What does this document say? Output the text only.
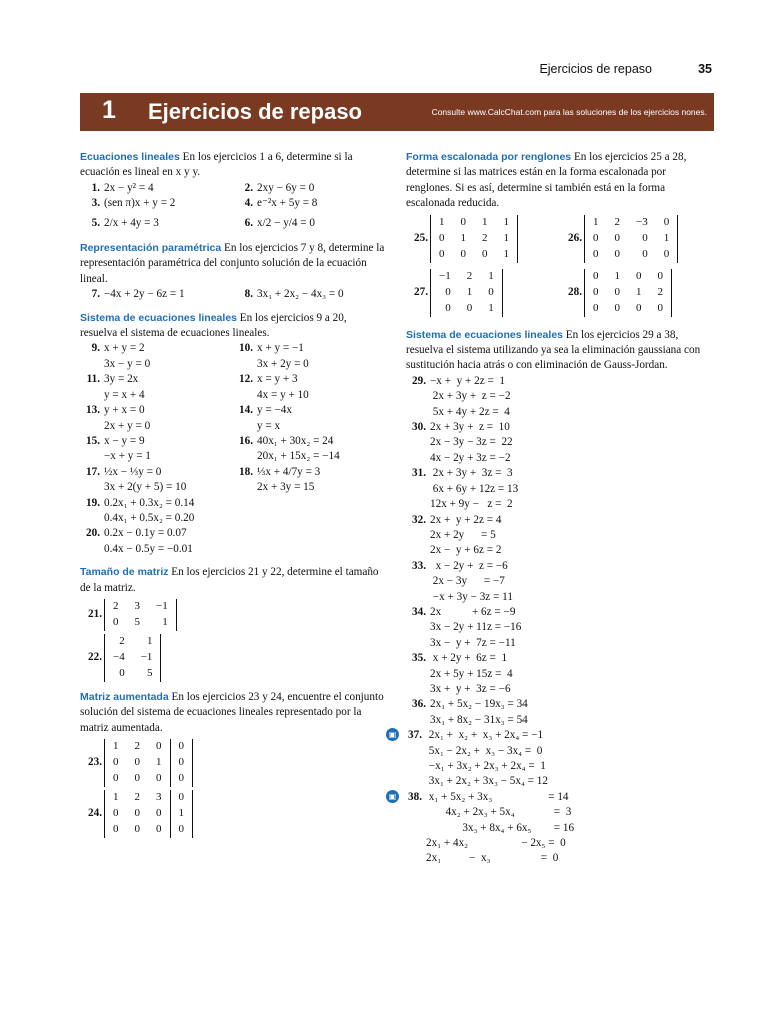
Ejercicios de repaso	35
1 Ejercicios de repaso	Consulte www.CalcChat.com para las soluciones de los ejercicios nones.
Ecuaciones lineales En los ejercicios 1 a 6, determine si la ecuación es lineal en x y y.
1. 2x − y² = 4	2. 2xy − 6y = 0
3. (sen π)x + y = 2	4. e⁻²x + 5y = 8
5. 2/x + 4y = 3	6. x/2 − y/4 = 0
Representación paramétrica En los ejercicios 7 y 8, determine la representación paramétrica del conjunto solución de la ecuación lineal.
7. −4x + 2y − 6z = 1	8. 3x₁ + 2x₂ − 4x₃ = 0
Sistema de ecuaciones lineales En los ejercicios 9 a 20, resuelva el sistema de ecuaciones lineales.
9. x + y = 2
3x − y = 0
10. x + y = −1
3x + 2y = 0
11. 3y = 2x
y = x + 4
12. x = y + 3
4x = y + 10
13. y + x = 0
2x + y = 0
14. y = −4x
y = x
15. x − y = 9
−x + y = 1
16. 40x₁ + 30x₂ = 24
20x₁ + 15x₂ = −14
17. ½x − ⅓y = 0
3x + 2(y + 5) = 10
18. ⅓x + 4/7y = 3
2x + 3y = 15
19. 0.2x₁ + 0.3x₂ = 0.14
0.4x₁ + 0.5x₂ = 0.20
20. 0.2x − 0.1y = 0.07
0.4x − 0.5y = −0.01
Tamaño de matriz En los ejercicios 21 y 22, determine el tamaño de la matriz.
21.
2	3	−1
0	5	1
22.
2	1
−4	−1
0	5
Matriz aumentada En los ejercicios 23 y 24, encuentre el conjunto solución del sistema de ecuaciones lineales representado por la matriz aumentada.
23.
1	2	0	0
0	0	1	0
0	0	0	0
24.
1	2	3	0
0	0	0	1
0	0	0	0
Forma escalonada por renglones En los ejercicios 25 a 28, determine si las matrices están en la forma escalonada por renglones. Si es así, determine si también está en la forma escalonada reducida.
25.
1	0	1	1
0	1	2	1
0	0	0	1
26.
1	2	−3	0
0	0	0	1
0	0	0	0
27.
−1	2	1
0	1	0
0	0	1
28.
0	1	0	0
0	0	1	2
0	0	0	0
Sistema de ecuaciones lineales En los ejercicios 29 a 38, resuelva el sistema utilizando ya sea la eliminación gaussiana con sustitución hacia atrás o con eliminación de Gauss-Jordan.
29. −x +  y + 2z =  1
2x + 3y +  z = −2
5x + 4y + 2z =  4
30. 2x + 3y +  z =  10
2x − 3y − 3z =  22
4x − 2y + 3z = −2
31. 2x + 3y +  3z =  3
6x + 6y + 12z = 13
12x + 9y −   z =  2
32. 2x +  y + 2z = 4
2x + 2y      = 5
2x −  y + 6z = 2
33. x − 2y +  z = −6
2x − 3y      = −7
−x + 3y − 3z = 11
34. 2x           + 6z = −9
3x − 2y + 11z = −16
3x −  y +  7z = −11
35. x + 2y +  6z =  1
2x + 5y + 15z =  4
3x +  y +  3z = −6
36. 2x₁ + 5x₂ − 19x₃ = 34
3x₁ + 8x₂ − 31x₃ = 54
▣	37. 2x₁ +  x₂ +  x₃ + 2x₄ = −1
5x₁ − 2x₂ +  x₃ − 3x₄ =  0
−x₁ + 3x₂ + 2x₃ + 2x₄ =  1
3x₁ + 2x₂ + 3x₃ − 5x₄ = 12
▣	38. x₁ + 5x₂ + 3x₃                    = 14
4x₂ + 2x₃ + 5x₄              =  3
3x₃ + 8x₄ + 6x₅        = 16
2x₁ + 4x₂                   − 2x₅ =  0
2x₁          −  x₃                  =  0
